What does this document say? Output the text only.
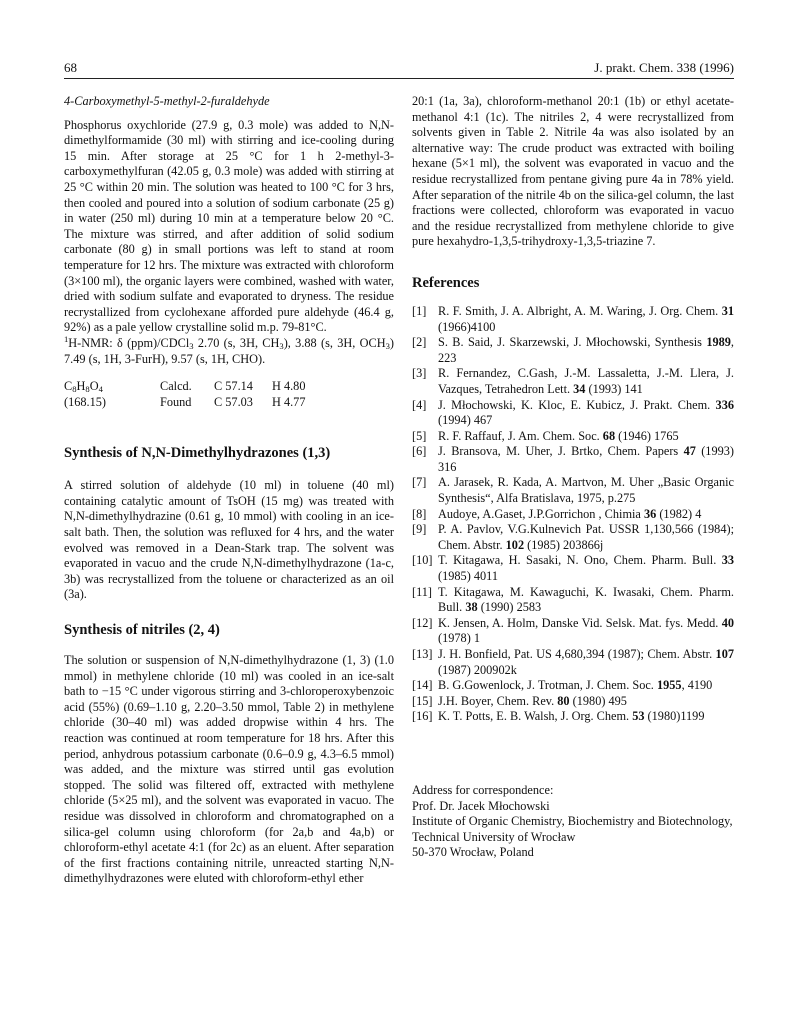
68	J. prakt. Chem. 338 (1996)

4-Carboxymethyl-5-methyl-2-furaldehyde

Phosphorus oxychloride (27.9 g, 0.3 mole) was added to N,N-dimethylformamide (30 ml) with stirring and ice-cooling during 15 min. After storage at 25 °C for 1 h 2-methyl-3-carboxymethylfuran (42.05 g, 0.3 mole) was added with stirring at 25 °C within 20 min. The solution was heated to 100 °C for 3 hrs, then cooled and poured into a solution of sodium carbonate (25 g) in water (250 ml) during 10 min at a temperature below 20 °C. The mixture was stirred, and after addition of solid sodium carbonate (80 g) in small portions was left to stand at room temperature for 12 hrs. The mixture was extracted with chloroform (3×100 ml), the organic layers were combined, washed with water, dried with sodium sulfate and evaporated to dryness. The residue recrystallized from cyclohexane afforded pure aldehyde (46.4 g, 92%) as a pale yellow crystalline solid m.p. 79-81°C.

$^1$H-NMR: δ (ppm)/CDCl$_3$ 2.70 (s, 3H, $CH_3$), 3.88 (s, 3H, $OCH_3$) 7.49 (s, 1H, 3-FurH), 9.57 (s, 1H, CHO).

$C_8H_8O_4$	Calcd.	C 57.14	H 4.80
(168.15)	Found	C 57.03	H 4.77
Synthesis of N,N-Dimethylhydrazones (1,3)

A stirred solution of aldehyde (10 ml) in toluene (40 ml) containing catalytic amount of TsOH (15 mg) was treated with N,N-dimethylhydrazine (0.61 g, 10 mmol) with cooling in an ice-salt bath. Then, the solution was refluxed for 4 hrs, and the water evolved was removed in a Dean-Stark trap. The solvent was evaporated in vacuo and the crude N,N-dimethylhydrazone (1a-c, 3b) was recrystallized from the toluene or characterized as an oil (3a).

Synthesis of nitriles (2, 4)

The solution or suspension of N,N-dimethylhydrazone (1, 3) (1.0 mmol) in methylene chloride (10 ml) was cooled in an ice-salt bath to −15 °C under vigorous stirring and 3-chloroperoxybenzoic acid (55%) (0.69–1.10 g, 2.20–3.50 mmol, Table 2) in methylene chloride (30–40 ml) was added dropwise within 4 hrs. The reaction was continued at room temperature for 18 hrs. After this period, anhydrous potassium carbonate (0.6–0.9 g, 4.3–6.5 mmol) was added, and the mixture was stirred until gas evolution stopped. The solid was filtered off, extracted with methylene chloride (5×25 ml), and the solvent was evaporated in vacuo. The residue was dissolved in chloroform and chromatographed on a silica-gel column using chloroform (for 2a,b and 4a,b) or chloroform-ethyl acetate 4:1 (for 2c) as an eluent. After separation of the first fractions containing nitrile, unreacted starting N,N-dimethylhydrazones were eluted with chloroform-ethyl ether

20:1 (1a, 3a), chloroform-methanol 20:1 (1b) or ethyl acetate-methanol 4:1 (1c). The nitriles 2, 4 were recrystallized from solvents given in Table 2. Nitrile 4a was also isolated by an alternative way: The crude product was extracted with boiling hexane (5×1 ml), the solvent was evaporated in vacuo and the residue recrystallized from pentane giving pure 4a in 78% yield. After separation of the nitrile 4b on the silica-gel column, the last fractions were collected, chloroform was evaporated in vacuo and the residue recrystallized from methylene chloride to give pure hexahydro-1,3,5-trihydroxy-1,3,5-triazine 7.

References
[1] R. F. Smith, J. A. Albright, A. M. Waring, J. Org. Chem. 31 (1966)4100
[2] S. B. Said, J. Skarzewski, J. Młochowski, Synthesis 1989, 223
[3] R. Fernandez, C.Gash, J.-M. Lassaletta, J.-M. Llera, J. Vazques, Tetrahedron Lett. 34 (1993) 141
[4] J. Młochowski, K. Kloc, E. Kubicz, J. Prakt. Chem. 336 (1994) 467
[5] R. F. Raffauf, J. Am. Chem. Soc. 68 (1946) 1765
[6] J. Bransova, M. Uher, J. Brtko, Chem. Papers 47 (1993) 316
[7] A. Jarasek, R. Kada, A. Martvon, M. Uher „Basic Organic Synthesis“, Alfa Bratislava, 1975, p.275
[8] Audoye, A.Gaset, J.P.Gorrichon , Chimia 36 (1982) 4
[9] P. A. Pavlov, V.G.Kulnevich Pat. USSR 1,130,566 (1984); Chem. Abstr. 102 (1985) 203866j
[10] T. Kitagawa, H. Sasaki, N. Ono, Chem. Pharm. Bull. 33 (1985) 4011
[11] T. Kitagawa, M. Kawaguchi, K. Iwasaki, Chem. Pharm. Bull. 38 (1990) 2583
[12] K. Jensen, A. Holm, Danske Vid. Selsk. Mat. fys. Medd. 40 (1978) 1
[13] J. H. Bonfield, Pat. US 4,680,394 (1987); Chem. Abstr. 107 (1987) 200902k
[14] B. G.Gowenlock, J. Trotman, J. Chem. Soc. 1955, 4190
[15] J.H. Boyer, Chem. Rev. 80 (1980) 495
[16] K. T. Potts, E. B. Walsh, J. Org. Chem. 53 (1980)1199
Address for correspondence:
Prof. Dr. Jacek Młochowski
Institute of Organic Chemistry, Biochemistry and Biotechnology,
Technical University of Wrocław
50-370 Wrocław, Poland
